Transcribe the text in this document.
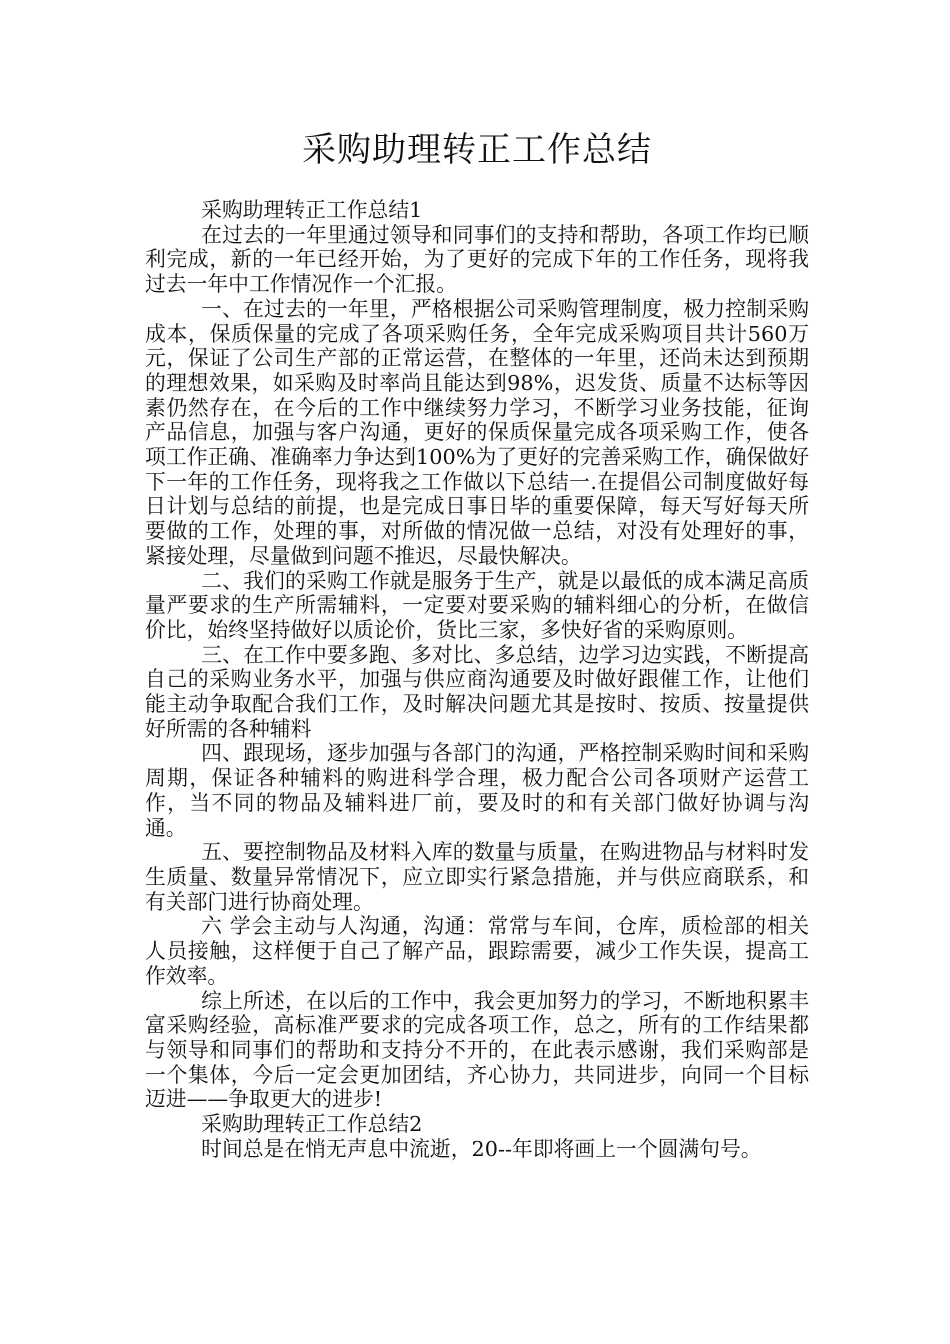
采购助理转正工作总结

采购助理转正工作总结1

在过去的一年里通过领导和同事们的支持和帮助，各项工作均已顺利完成，新的一年已经开始，为了更好的完成下年的工作任务，现将我过去一年中工作情况作一个汇报。

一、在过去的一年里，严格根据公司采购管理制度，极力控制采购成本，保质保量的完成了各项采购任务，全年完成采购项目共计560万元，保证了公司生产部的正常运营，在整体的一年里，还尚未达到预期的理想效果，如采购及时率尚且能达到98%，迟发货、质量不达标等因素仍然存在，在今后的工作中继续努力学习，不断学习业务技能，征询产品信息，加强与客户沟通，更好的保质保量完成各项采购工作，使各项工作正确、准确率力争达到100%为了更好的完善采购工作，确保做好下一年的工作任务，现将我之工作做以下总结一.在提倡公司制度做好每日计划与总结的前提，也是完成日事日毕的重要保障，每天写好每天所要做的工作，处理的事，对所做的情况做一总结，对没有处理好的事，紧接处理，尽量做到问题不推迟，尽最快解决。

二、我们的采购工作就是服务于生产，就是以最低的成本满足高质量严要求的生产所需辅料，一定要对要采购的辅料细心的分析，在做信价比，始终坚持做好以质论价，货比三家，多快好省的采购原则。

三、在工作中要多跑、多对比、多总结，边学习边实践，不断提高自己的采购业务水平，加强与供应商沟通要及时做好跟催工作，让他们能主动争取配合我们工作，及时解决问题尤其是按时、按质、按量提供好所需的各种辅料

四、跟现场，逐步加强与各部门的沟通，严格控制采购时间和采购周期，保证各种辅料的购进科学合理，极力配合公司各项财产运营工作，当不同的物品及辅料进厂前，要及时的和有关部门做好协调与沟通。

五、要控制物品及材料入库的数量与质量，在购进物品与材料时发生质量、数量异常情况下，应立即实行紧急措施，并与供应商联系，和有关部门进行协商处理。

六 学会主动与人沟通，沟通：常常与车间，仓库，质检部的相关人员接触，这样便于自己了解产品，跟踪需要，减少工作失误，提高工作效率。

综上所述，在以后的工作中，我会更加努力的学习，不断地积累丰富采购经验，高标准严要求的完成各项工作，总之，所有的工作结果都与领导和同事们的帮助和支持分不开的，在此表示感谢，我们采购部是一个集体，今后一定会更加团结，齐心协力，共同进步，向同一个目标迈进——争取更大的进步!

采购助理转正工作总结2

时间总是在悄无声息中流逝，20--年即将画上一个圆满句号。
